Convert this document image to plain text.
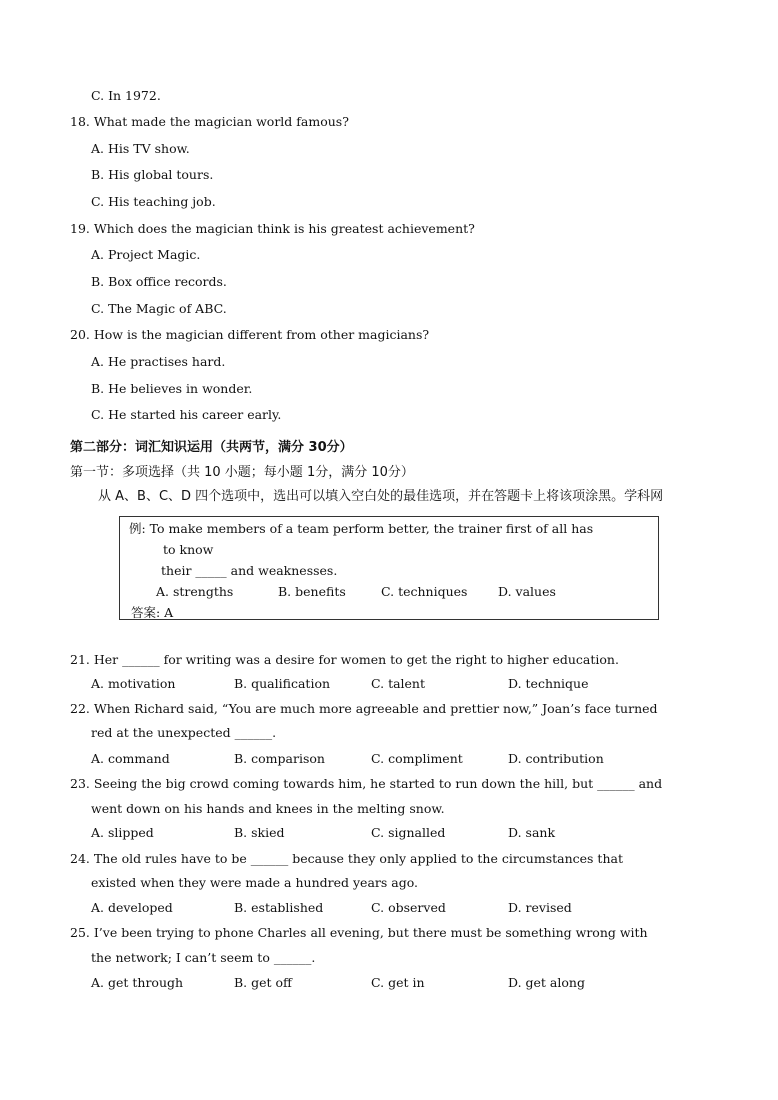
C. In 1972.
18. What made the magician world famous?
A. His TV show.
B. His global tours.
C. His teaching job.
19. Which does the magician think is his greatest achievement?
A. Project Magic.
B. Box office records.
C. The Magic of ABC.
20. How is the magician different from other magicians?
A. He practises hard.
B. He believes in wonder.
C. He started his career early.
第二部分：词汇知识运用（共两节，满分 30分）
第一节：多项选择（共 10 小题；每小题 1分，满分 10分）
从 A、B、C、D 四个选项中，选出可以填入空白处的最佳选项，并在答题卡上将该项涂黑。学科网
例: To make members of a team perform better, the trainer first of all has
to know
their _____ and weaknesses.
A. strengths	B. benefits	C. techniques D. values
答案: A
21. Her ______ for writing was a desire for women to get the right to higher education.
A. motivation	B. qualification	C. talent	D. technique
22. When Richard said, “You are much more agreeable and prettier now,” Joan’s face turned
red at the unexpected ______.
A. command	B. comparison	C. compliment	D. contribution
23. Seeing the big crowd coming towards him, he started to run down the hill, but ______ and
went down on his hands and knees in the melting snow.
A. slipped	B. skied	C. signalled	D. sank
24. The old rules have to be ______ because they only applied to the circumstances that
existed when they were made a hundred years ago.
A. developed	B. established	C. observed	D. revised
25. I’ve been trying to phone Charles all evening, but there must be something wrong with
the network; I can’t seem to ______.
A. get through	B. get off	C. get in	D. get along
